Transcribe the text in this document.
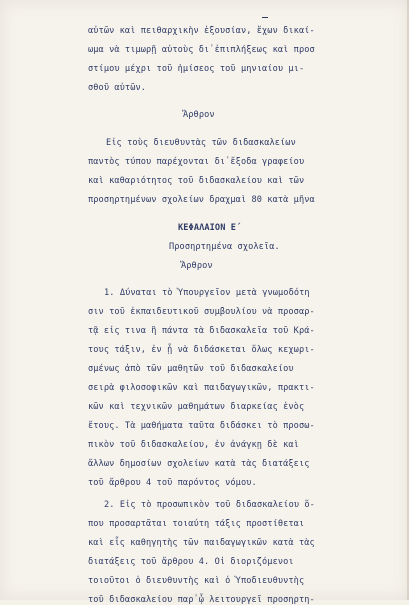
αὐτῶν καὶ πειθαρχικὴν ἐξουσίαν, ἔχων δικαί-
ωμα νὰ τιμωρῇ αὐτοὺς δι᾽ἐπιπλήξεως καὶ προσ
στίμου μέχρι τοῦ ἡμίσεος τοῦ μηνιαίου μι-
σθοῦ αὐτῶν.
Ἄρθρον
Εἰς τοὺς διευθυντὰς τῶν διδασκαλείων
παντὸς τύπου παρέχονται δι᾽ἔξοδα γραφείου
καὶ καθαριότητος τοῦ διδασκαλείου καὶ τῶν
προσηρτημένων σχολείων δραχμαὶ 80 κατὰ μῆνα
ΚΕΦΑΛΑΙΟΝ Ε΄
Προσηρτημένα σχολεῖα.
Ἄρθρον
1. Δύναται τὸ Ὑπουργεῖον μετὰ γνωμοδότη
σιν τοῦ ἐκπαιδευτικοῦ συμβουλίου νὰ προσαρ-
τᾷ εἰς τινα ἢ πάντα τὰ διδασκαλεῖα τοῦ Κρά-
τους τάξιν, ἐν ᾗ νὰ διδάσκεται ὅλως κεχωρι-
σμένως ἀπὸ τῶν μαθητῶν τοῦ διδασκαλείου
σειρὰ φιλοσοφικῶν καὶ παιδαγωγικῶν, πρακτι-
κῶν καὶ τεχνικῶν μαθημάτων διαρκείας ἑνὸς
ἔτους. Τὰ μαθήματα ταῦτα διδάσκει τὸ προσω-
πικὸν τοῦ διδασκαλείου, ἐν ἀνάγκῃ δὲ καὶ
ἄλλων δημοσίων σχολείων κατὰ τὰς διατάξεις
τοῦ ἄρθρου 4 τοῦ παρόντος νόμου.
2. Εἰς τὸ προσωπικὸν τοῦ διδασκαλείου ὅ-
που προσαρτᾶται τοιαύτη τάξις προστίθεται
καὶ εἷς καθηγητὴς τῶν παιδαγωγικῶν κατὰ τὰς
διατάξεις τοῦ ἄρθρου 4. Οἱ διοριζόμενοι
τοιοῦτοι ὁ διευθυντὴς καὶ ὁ Ὑποδιευθυντὴς
τοῦ διδασκαλείου παρ᾽ᾧ λειτουργεῖ προσηρτη-
